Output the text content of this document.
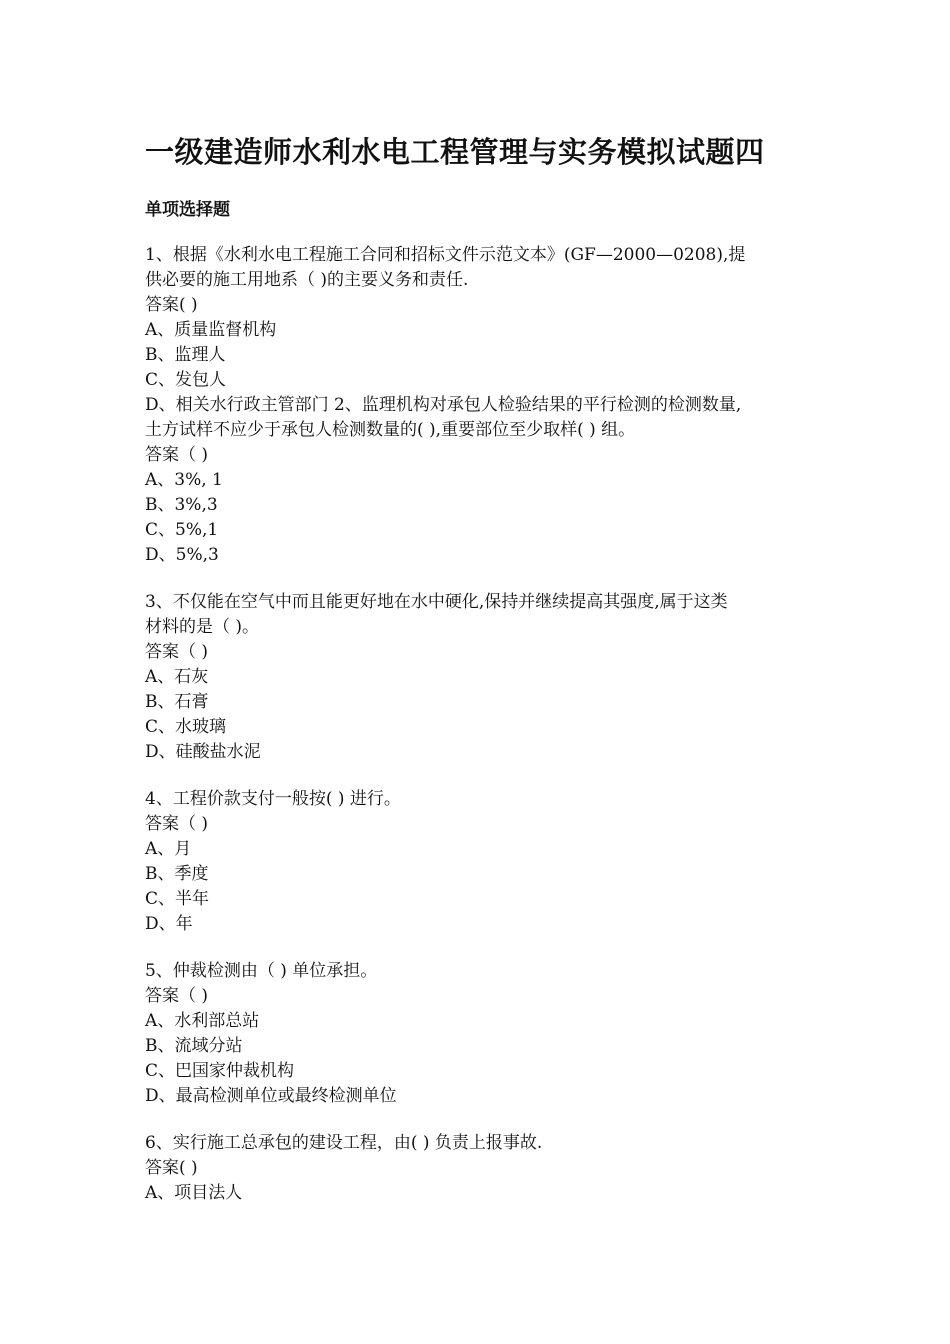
一级建造师水利水电工程管理与实务模拟试题四
单项选择题

1、根据《水利水电工程施工合同和招标文件示范文本》(GF—2000—0208),提

供必要的施工用地系（ )的主要义务和责任.

答案( )

A、质量监督机构

B、监理人

C、发包人

D、相关水行政主管部门 2、监理机构对承包人检验结果的平行检测的检测数量,

土方试样不应少于承包人检测数量的( ),重要部位至少取样( ) 组。

答案（ )

A、3%, 1

B、3%,3

C、5%,1

D、5%,3

3、不仅能在空气中而且能更好地在水中硬化,保持并继续提高其强度,属于这类

材料的是（ )。

答案（ )

A、石灰

B、石膏

C、水玻璃

D、硅酸盐水泥

4、工程价款支付一般按( ) 进行。

答案（ )

A、月

B、季度

C、半年

D、年

5、仲裁检测由（ ) 单位承担。

答案（ )

A、水利部总站

B、流域分站

C、巴国家仲裁机构

D、最高检测单位或最终检测单位

6、实行施工总承包的建设工程，由( ) 负责上报事故.

答案( )

A、项目法人
